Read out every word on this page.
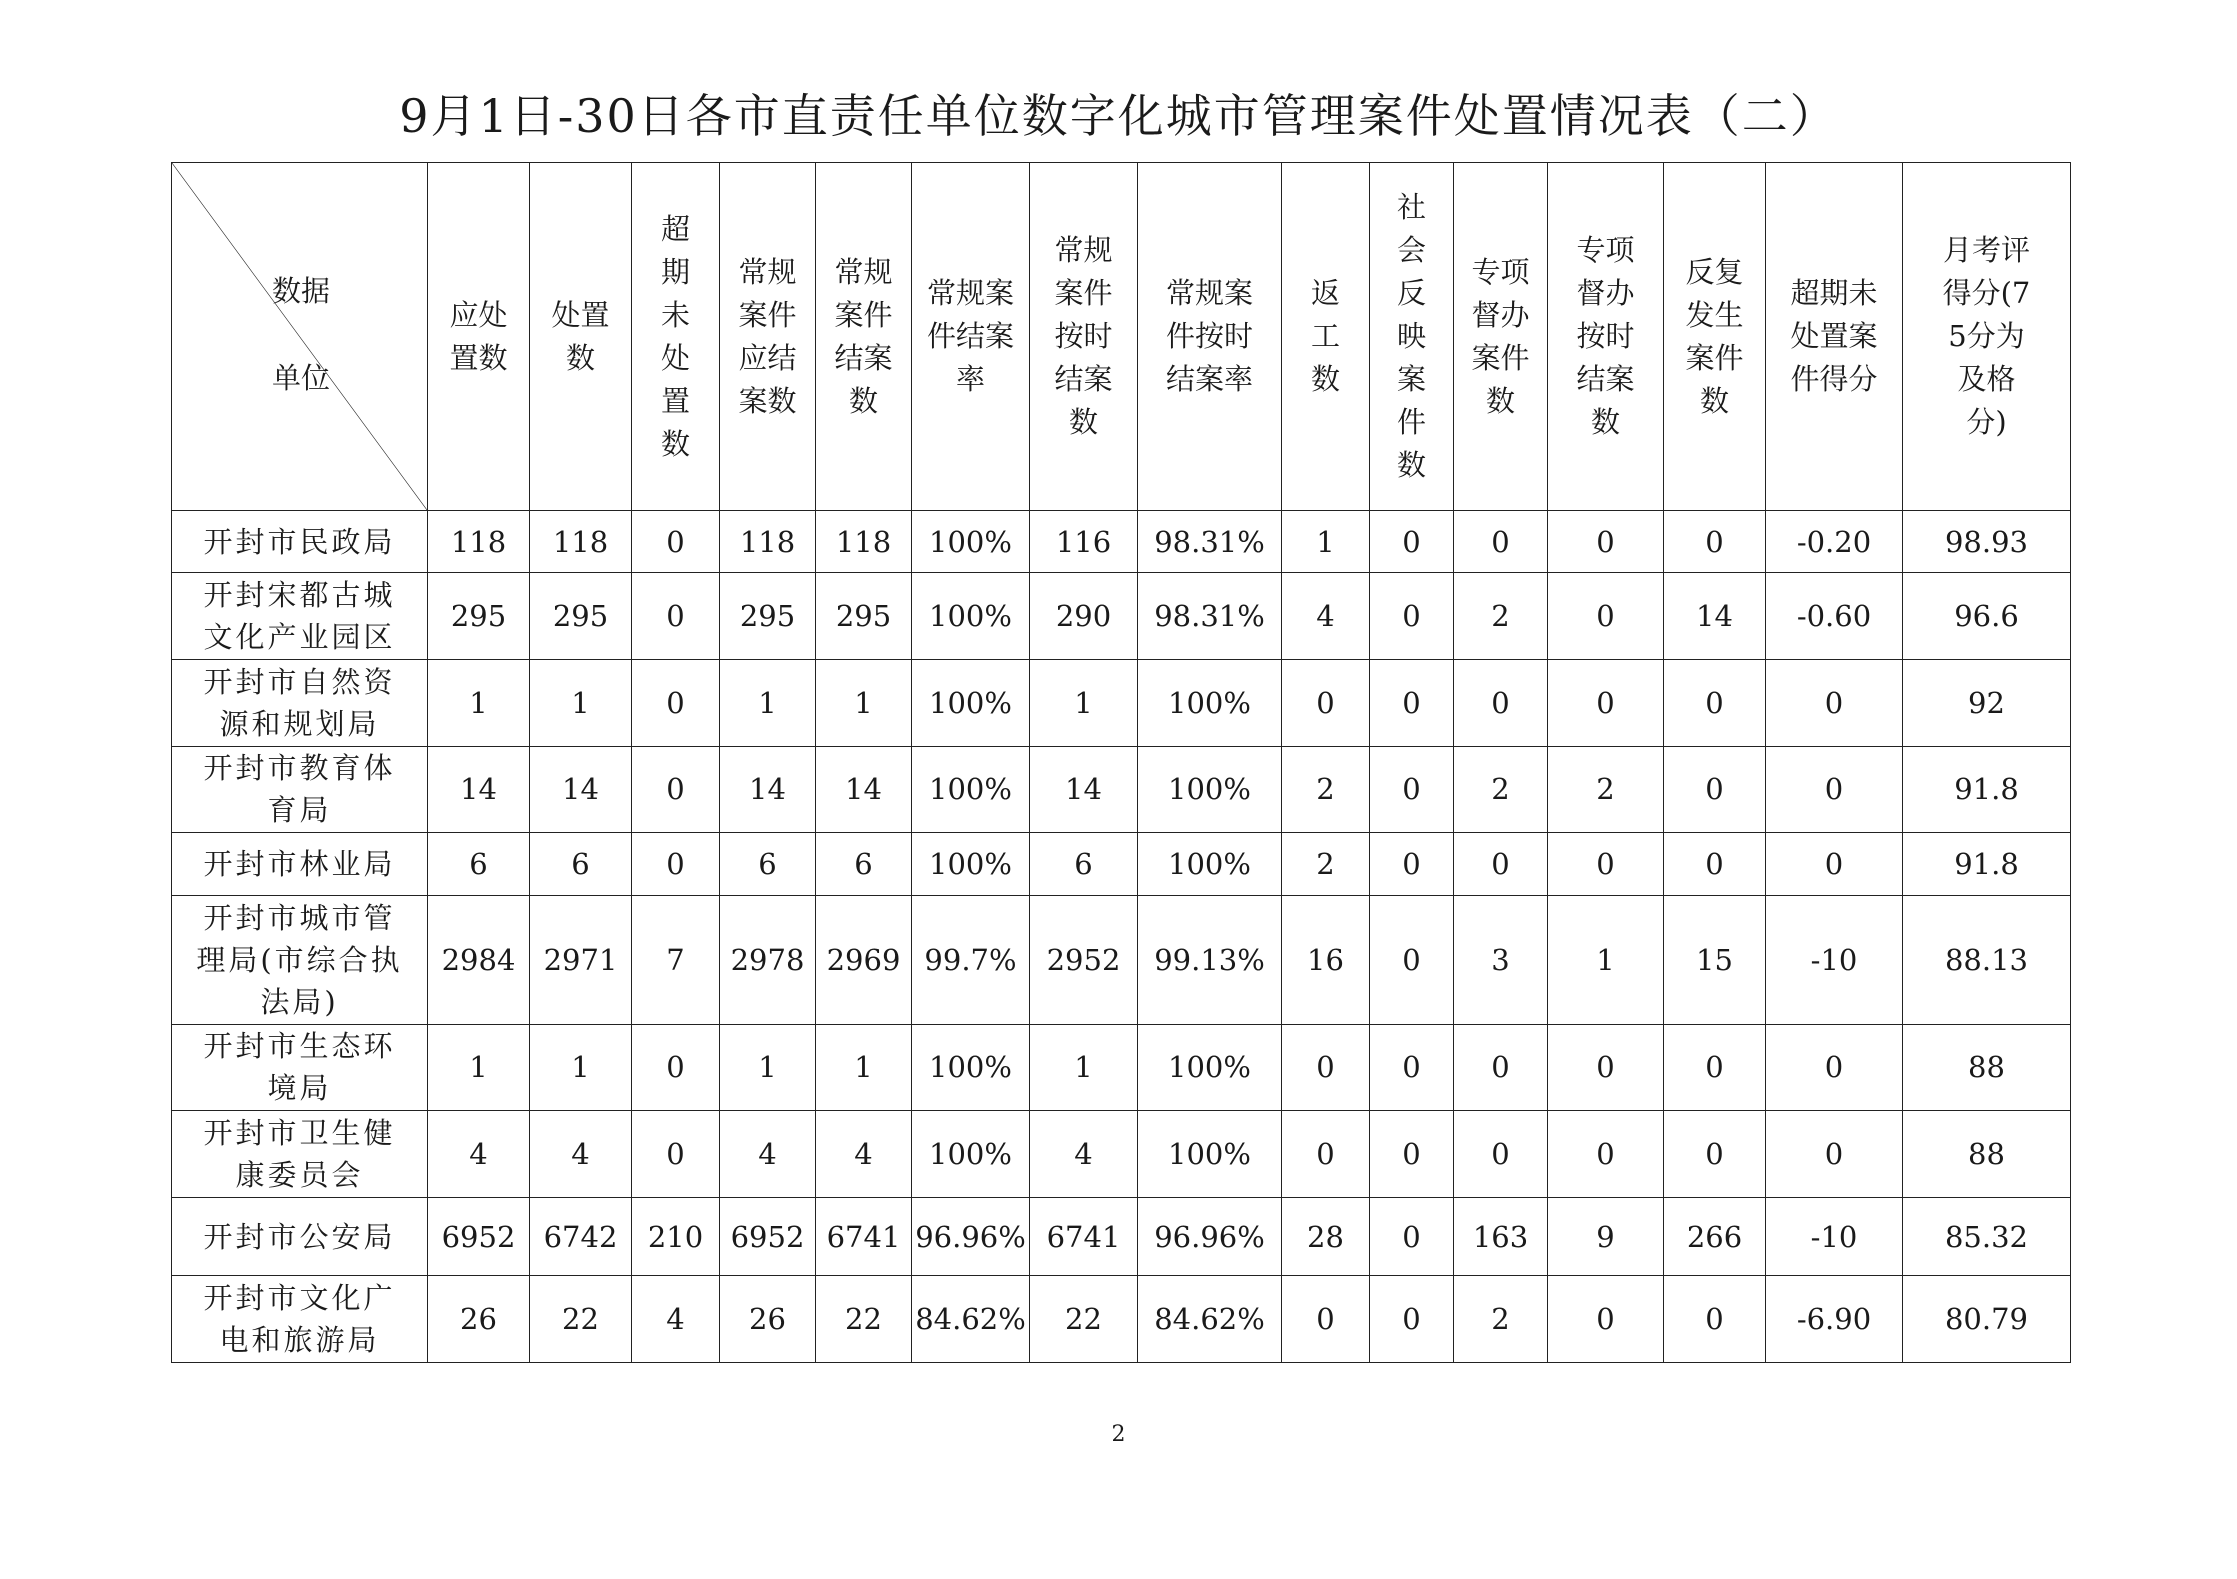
9月1日-30日各市直责任单位数字化城市管理案件处置情况表（二）
数据
单位	应处置数	处置数	超期未处置数	常规案件应结案数	常规案件结案数	常规案件结案率	常规案件按时结案数	常规案件按时结案率	返工数	社会反映案件数	专项督办案件数	专项督办按时结案数	反复发生案件数	超期未处置案件得分	月考评得分(75分为及格分)
开封市民政局	118	118	0	118	118	100%	116	98.31%	1	0	0	0	0	-0.20	98.93
开封宋都古城文化产业园区	295	295	0	295	295	100%	290	98.31%	4	0	2	0	14	-0.60	96.6
开封市自然资源和规划局	1	1	0	1	1	100%	1	100%	0	0	0	0	0	0	92
开封市教育体育局	14	14	0	14	14	100%	14	100%	2	0	2	2	0	0	91.8
开封市林业局	6	6	0	6	6	100%	6	100%	2	0	0	0	0	0	91.8
开封市城市管理局(市综合执法局)	2984	2971	7	2978	2969	99.7%	2952	99.13%	16	0	3	1	15	-10	88.13
开封市生态环境局	1	1	0	1	1	100%	1	100%	0	0	0	0	0	0	88
开封市卫生健康委员会	4	4	0	4	4	100%	4	100%	0	0	0	0	0	0	88
开封市公安局	6952	6742	210	6952	6741	96.96%	6741	96.96%	28	0	163	9	266	-10	85.32
开封市文化广电和旅游局	26	22	4	26	22	84.62%	22	84.62%	0	0	2	0	0	-6.90	80.79
2
